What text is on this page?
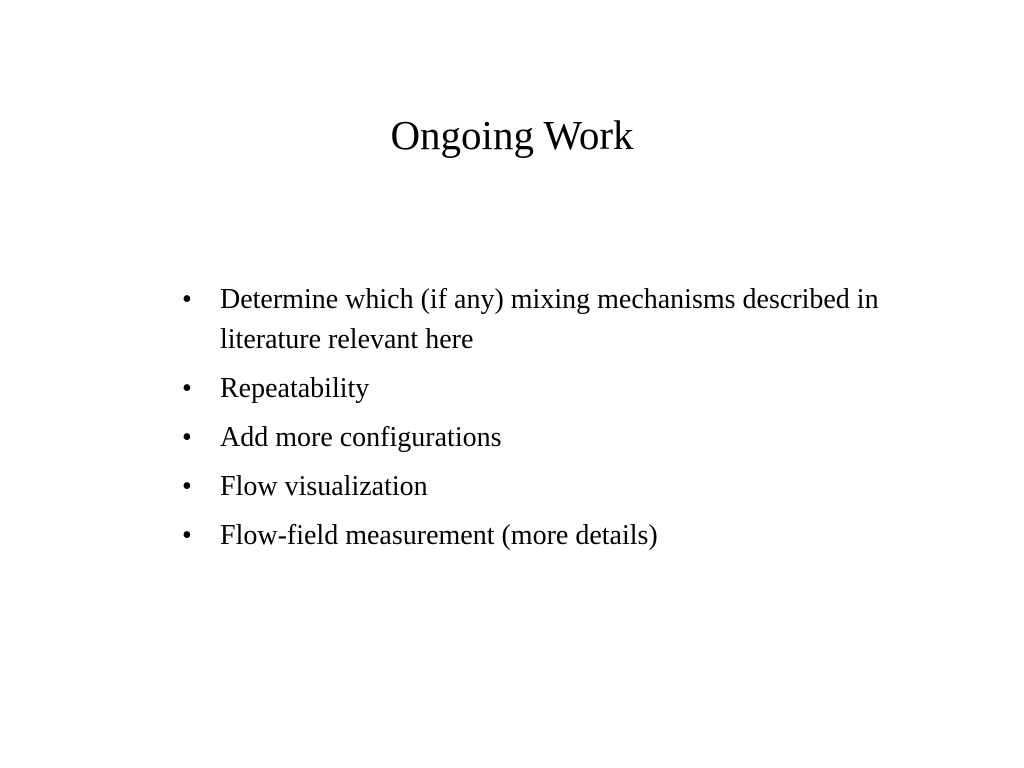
Ongoing Work
•	Determine which (if any) mixing mechanisms described in literature relevant here
•	Repeatability
•	Add more configurations
•	Flow visualization
•	Flow-field measurement (more details)
